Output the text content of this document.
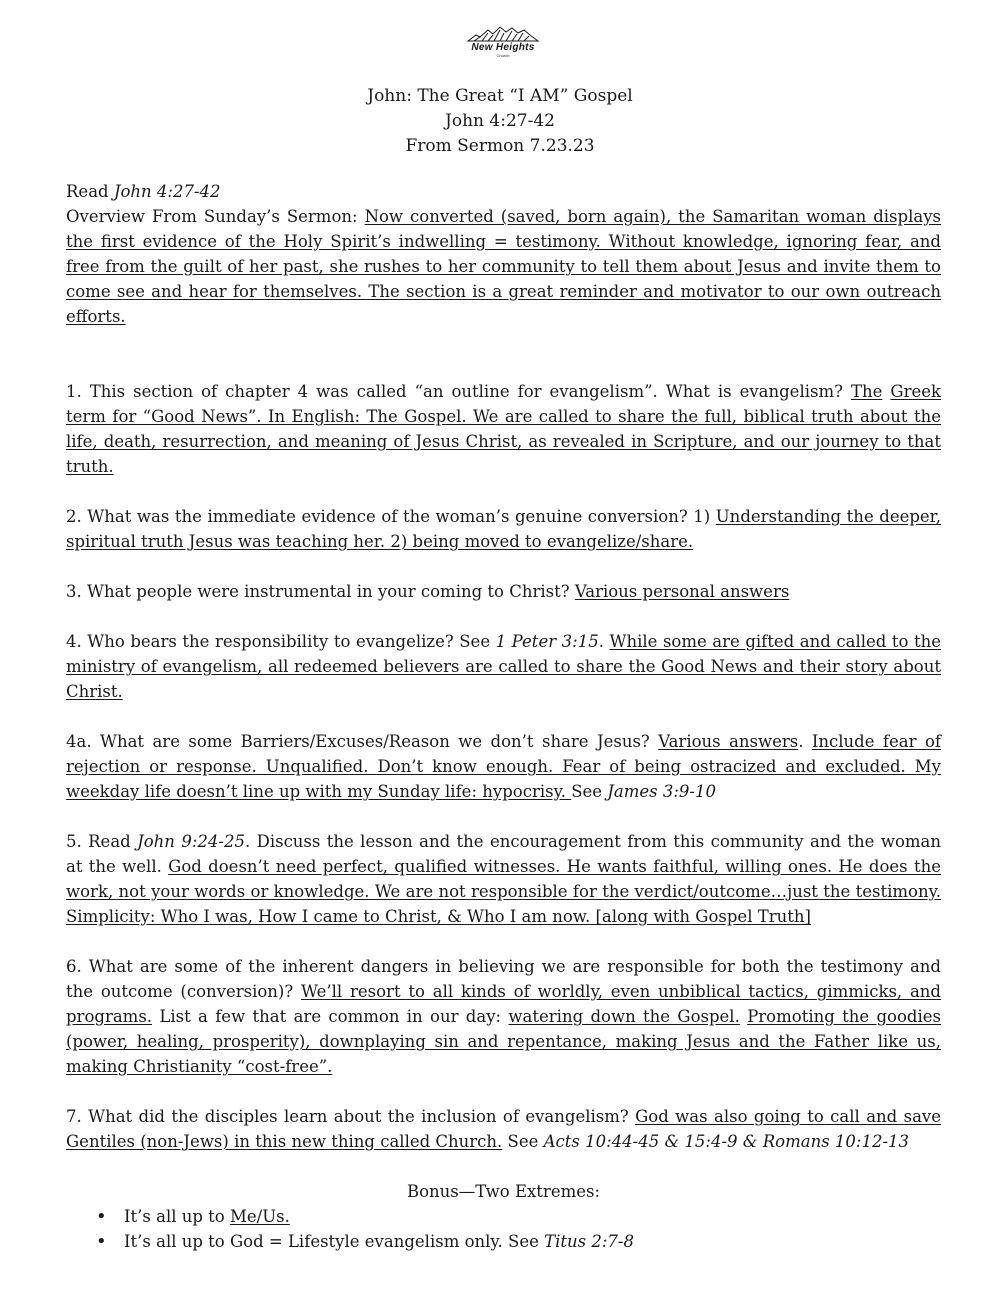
New Heights
Church
John: The Great “I AM” Gospel
John 4:27-42
From Sermon 7.23.23

Read John 4:27-42

Overview From Sunday’s Sermon: Now converted (saved, born again), the Samaritan woman displays the first evidence of the Holy Spirit’s indwelling = testimony. Without knowledge, ignoring fear, and free from the guilt of her past, she rushes to her community to tell them about Jesus and invite them to come see and hear for themselves. The section is a great reminder and motivator to our own outreach efforts.

1. This section of chapter 4 was called “an outline for evangelism”. What is evangelism? The Greek term for “Good News”. In English: The Gospel. We are called to share the full, biblical truth about the life, death, resurrection, and meaning of Jesus Christ, as revealed in Scripture, and our journey to that truth.

2. What was the immediate evidence of the woman’s genuine conversion? 1) Understanding the deeper, spiritual truth Jesus was teaching her. 2) being moved to evangelize/share.

3. What people were instrumental in your coming to Christ? Various personal answers

4. Who bears the responsibility to evangelize? See 1 Peter 3:15. While some are gifted and called to the ministry of evangelism, all redeemed believers are called to share the Good News and their story about Christ.

4a. What are some Barriers/Excuses/Reason we don’t share Jesus? Various answers. Include fear of rejection or response. Unqualified. Don’t know enough. Fear of being ostracized and excluded. My weekday life doesn’t line up with my Sunday life: hypocrisy. See James 3:9-10

5. Read John 9:24-25. Discuss the lesson and the encouragement from this community and the woman at the well. God doesn’t need perfect, qualified witnesses. He wants faithful, willing ones. He does the work, not your words or knowledge. We are not responsible for the verdict/outcome…just the testimony. Simplicity: Who I was, How I came to Christ, & Who I am now. [along with Gospel Truth]

6. What are some of the inherent dangers in believing we are responsible for both the testimony and the outcome (conversion)? We’ll resort to all kinds of worldly, even unbiblical tactics, gimmicks, and programs. List a few that are common in our day: watering down the Gospel. Promoting the goodies (power, healing, prosperity), downplaying sin and repentance, making Jesus and the Father like us, making Christianity “cost-free”.

7. What did the disciples learn about the inclusion of evangelism? God was also going to call and save Gentiles (non-Jews) in this new thing called Church. See Acts 10:44-45 & 15:4-9 & Romans 10:12-13

Bonus—Two Extremes:

• It’s all up to Me/Us.
• It’s all up to God = Lifestyle evangelism only. See Titus 2:7-8
